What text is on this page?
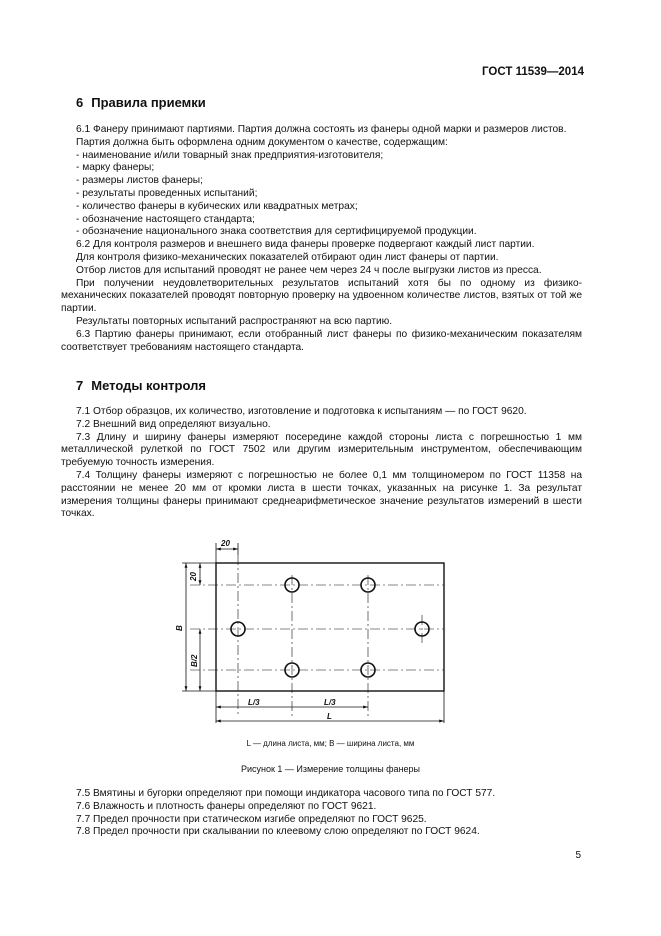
ГОСТ 11539—2014
6 Правила приемки

6.1 Фанеру принимают партиями. Партия должна состоять из фанеры одной марки и размеров листов.

Партия должна быть оформлена одним документом о качестве, содержащим:

- наименование и/или товарный знак предприятия-изготовителя;

- марку фанеры;

- размеры листов фанеры;

- результаты проведенных испытаний;

- количество фанеры в кубических или квадратных метрах;

- обозначение настоящего стандарта;

- обозначение национального знака соответствия для сертифицируемой продукции.

6.2 Для контроля размеров и внешнего вида фанеры проверке подвергают каждый лист партии.

Для контроля физико-механических показателей отбирают один лист фанеры от партии.

Отбор листов для испытаний проводят не ранее чем через 24 ч после выгрузки листов из пресса.

При получении неудовлетворительных результатов испытаний хотя бы по одному из физико-механических показателей проводят повторную проверку на удвоенном количестве листов, взятых от той же партии.

Результаты повторных испытаний распространяют на всю партию.

6.3 Партию фанеры принимают, если отобранный лист фанеры по физико-механическим показателям соответствует требованиям настоящего стандарта.

7 Методы контроля

7.1 Отбор образцов, их количество, изготовление и подготовка к испытаниям — по ГОСТ 9620.

7.2 Внешний вид определяют визуально.

7.3 Длину и ширину фанеры измеряют посередине каждой стороны листа с погрешностью 1 мм металлической рулеткой по ГОСТ 7502 или другим измерительным инструментом, обеспечивающим требуемую точность измерения.

7.4 Толщину фанеры измеряют с погрешностью не более 0,1 мм толщиномером по ГОСТ 11358 на расстоянии не менее 20 мм от кромки листа в шести точках, указанных на рисунке 1. За результат измерения толщины фанеры принимают среднеарифметическое значение результатов измерений в шести точках.

20
20
B
B/2
L/3	L/3
L
L — длина листа, мм; B — ширина листа, мм
Рисунок 1 — Измерение толщины фанеры

7.5 Вмятины и бугорки определяют при помощи индикатора часового типа по ГОСТ 577.

7.6 Влажность и плотность фанеры определяют по ГОСТ 9621.

7.7 Предел прочности при статическом изгибе определяют по ГОСТ 9625.

7.8 Предел прочности при скалывании по клеевому слою определяют по ГОСТ 9624.

5
